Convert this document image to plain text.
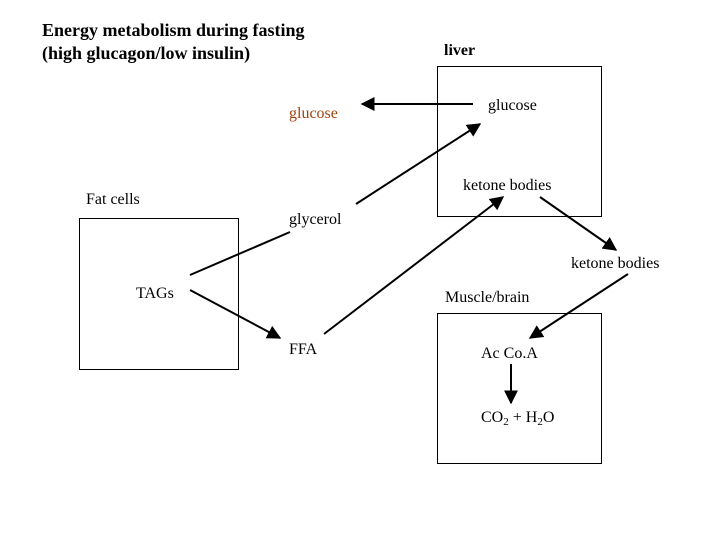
Energy metabolism during fasting
(high glucagon/low insulin)	liver
glucose	glucose
ketone bodies
Fat cells
glycerol
ketone bodies
TAGs	Muscle/brain
FFA	Ac Co.A
$CO_2 + H_2O$
